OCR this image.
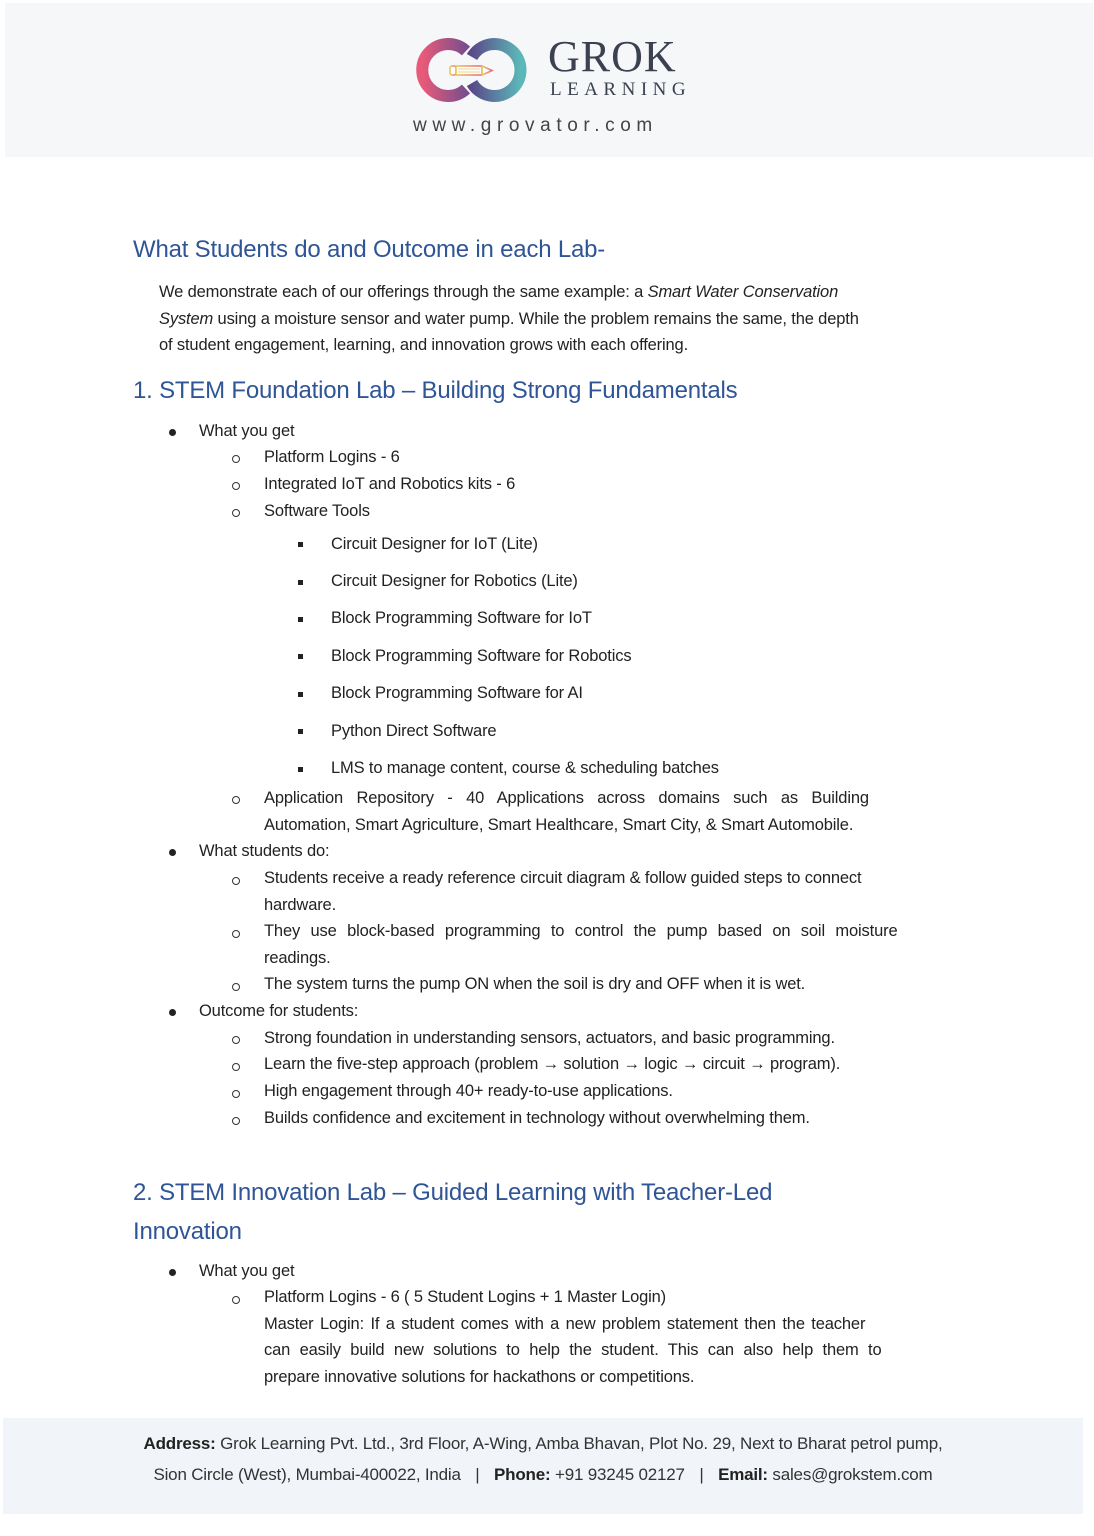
GROK
LEARNING
www.grovator.com
What Students do and Outcome in each Lab-
We demonstrate each of our offerings through the same example: a Smart Water Conservation
System using a moisture sensor and water pump. While the problem remains the same, the depth
of student engagement, learning, and innovation grows with each offering.
1. STEM Foundation Lab – Building Strong Fundamentals
What you get
Platform Logins - 6
Integrated IoT and Robotics kits - 6
Software Tools
Circuit Designer for IoT (Lite)
Circuit Designer for Robotics (Lite)
Block Programming Software for IoT
Block Programming Software for Robotics
Block Programming Software for AI
Python Direct Software
LMS to manage content, course & scheduling batches
Application Repository - 40 Applications across domains such as Building
Automation, Smart Agriculture, Smart Healthcare, Smart City, & Smart Automobile.
What students do:
Students receive a ready reference circuit diagram & follow guided steps to connect
hardware.
They use block-based programming to control the pump based on soil moisture
readings.
The system turns the pump ON when the soil is dry and OFF when it is wet.
Outcome for students:
Strong foundation in understanding sensors, actuators, and basic programming.
Learn the five-step approach (problem → solution → logic → circuit → program).
High engagement through 40+ ready-to-use applications.
Builds confidence and excitement in technology without overwhelming them.
2. STEM Innovation Lab – Guided Learning with Teacher-Led
Innovation
What you get
Platform Logins - 6 ( 5 Student Logins + 1 Master Login)
Master Login: If a student comes with a new problem statement then the teacher
can easily build new solutions to help the student. This can also help them to
prepare innovative solutions for hackathons or competitions.
Address: Grok Learning Pvt. Ltd., 3rd Floor, A-Wing, Amba Bhavan, Plot No. 29, Next to Bharat petrol pump,
Sion Circle (West), Mumbai-400022, India | Phone: +91 93245 02127 | Email: sales@grokstem.com
